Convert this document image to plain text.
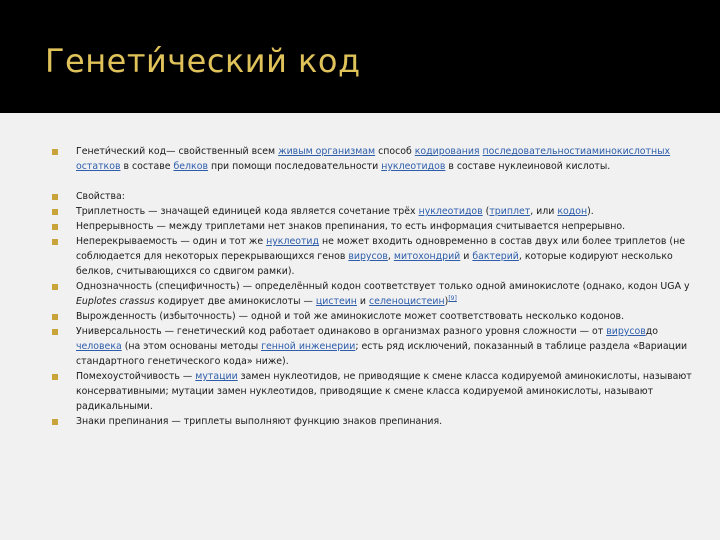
Генети́ческий код
Генети́ческий код— свойственный всем живым организмам способ кодирования последовательностиаминокислотных остатков в составе белков при помощи последовательности нуклеотидов в составе нуклеиновой кислоты.
Свойства:
Триплетность — значащей единицей кода является сочетание трёх нуклеотидов (триплет, или кодон).
Непрерывность — между триплетами нет знаков препинания, то есть информация считывается непрерывно.
Неперекрываемость — один и тот же нуклеотид не может входить одновременно в состав двух или более триплетов (не соблюдается для некоторых перекрывающихся генов вирусов, митохондрий и бактерий, которые кодируют несколько белков, считывающихся со сдвигом рамки).
Однозначность (специфичность) — определённый кодон соответствует только одной аминокислоте (однако, кодон UGA у Euplotes crassus кодирует две аминокислоты — цистеин и селеноцистеин)[9]
Вырожденность (избыточность) — одной и той же аминокислоте может соответствовать несколько кодонов.
Универсальность — генетический код работает одинаково в организмах разного уровня сложности — от вирусовдо человека (на этом основаны методы генной инженерии; есть ряд исключений, показанный в таблице раздела «Вариации стандартного генетического кода» ниже).
Помехоустойчивость — мутации замен нуклеотидов, не приводящие к смене класса кодируемой аминокислоты, называют консервативными; мутации замен нуклеотидов, приводящие к смене класса кодируемой аминокислоты, называют радикальными.
Знаки препинания — триплеты выполняют функцию знаков препинания.
